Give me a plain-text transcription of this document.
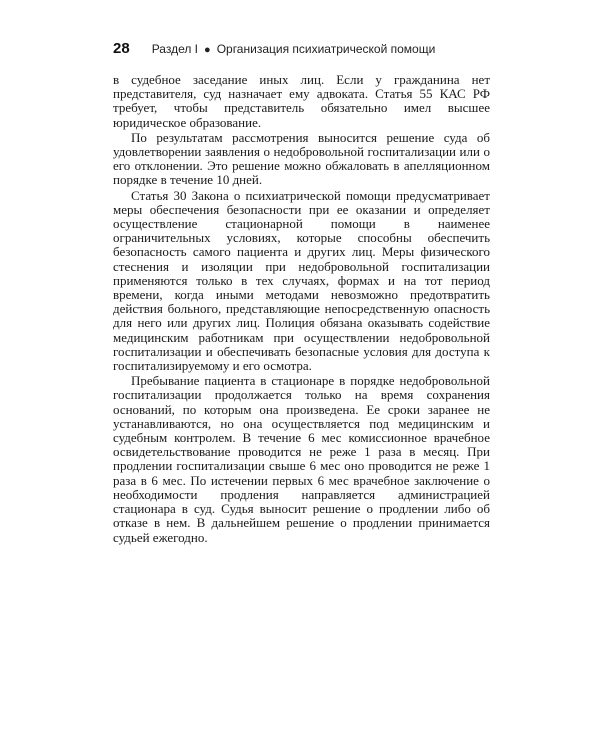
28 Раздел I ● Организация психиатрической помощи

в судебное заседание иных лиц. Если у гражданина нет представителя, суд назначает ему адвоката. Статья 55 КАС РФ требует, чтобы представитель обязательно имел высшее юридическое образование.

По результатам рассмотрения выносится решение суда об удовлетворении заявления о недобровольной госпитализации или о его отклонении. Это решение можно обжаловать в апелляционном порядке в течение 10 дней.

Статья 30 Закона о психиатрической помощи предусматривает меры обеспечения безопасности при ее оказании и определяет осуществление стационарной помощи в наименее ограничительных условиях, которые способны обеспечить безопасность самого пациента и других лиц. Меры физического стеснения и изоляции при недобровольной госпитализации применяются только в тех случаях, формах и на тот период времени, когда иными методами невозможно предотвратить действия больного, представляющие непосредственную опасность для него или других лиц. Полиция обязана оказывать содействие медицинским работникам при осуществлении недобровольной госпитализации и обеспечивать безопасные условия для доступа к госпитализируемому и его осмотра.

Пребывание пациента в стационаре в порядке недобровольной госпитализации продолжается только на время сохранения оснований, по которым она произведена. Ее сроки заранее не устанавливаются, но она осуществляется под медицинским и судебным контролем. В течение 6 мес комиссионное врачебное освидетельствование проводится не реже 1 раза в месяц. При продлении госпитализации свыше 6 мес оно проводится не реже 1 раза в 6 мес. По истечении первых 6 мес врачебное заключение о необходимости продления направляется администрацией стационара в суд. Судья выносит решение о продлении либо об отказе в нем. В дальнейшем решение о продлении принимается судьей ежегодно.
